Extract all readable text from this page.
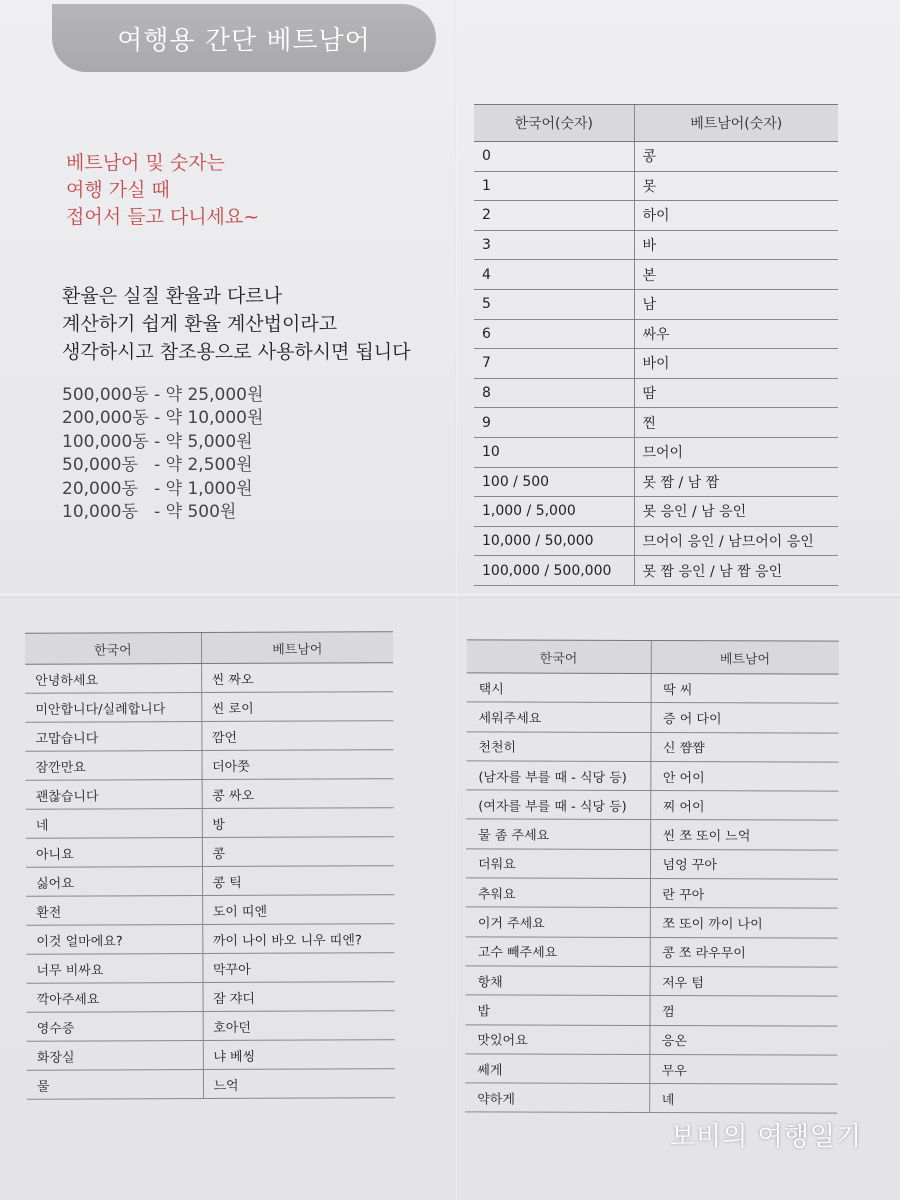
여행용 간단 베트남어
베트남어 및 숫자는
여행 가실 때
접어서 들고 다니세요~
환율은 실질 환율과 다르나
계산하기 쉽게 환율 계산법이라고
생각하시고 참조용으로 사용하시면 됩니다
500,000동 - 약 25,000원
200,000동 - 약 10,000원
100,000동 - 약 5,000원
50,000동   - 약 2,500원
20,000동   - 약 1,000원
10,000동   - 약 500원
한국어(숫자)	베트남어(숫자)
0	콩
1	못
2	하이
3	바
4	본
5	남
6	싸우
7	바이
8	땀
9	찐
10	므어이
100 / 500	못 짬 / 남 짬
1,000 / 5,000	못 응인 / 남 응인
10,000 / 50,000	므어이 응인 / 남므어이 응인
100,000 / 500,000	못 짬 응인 / 남 짬 응인
한국어	베트남어
안녕하세요	씬 짜오
미안합니다/실례합니다	씬 로이
고맙습니다	깜언
잠깐만요	더아쭛
괜찮습니다	콩 싸오
네	방
아니요	콩
싫어요	콩 틱
환전	도이 띠엔
이것 얼마에요?	까이 나이 바오 니우 띠엔?
너무 비싸요	막꾸아
깍아주세요	잠 쟈디
영수증	호아던
화장실	냐 베씽
물	느억
한국어	베트남어
택시	딱 씨
세워주세요	증 어 다이
천천히	신 쨤쨤
(남자를 부를 때 - 식당 등)	안 어이
(여자를 부를 때 - 식당 등)	찌 어이
물 좀 주세요	씬 쪼 또이 느억
더워요	넘엉 꾸아
추워요	란 꾸아
이거 주세요	쪼 또이 까이 나이
고수 빼주세요	콩 쪼 라우무이
항채	저우 텀
밥	껌
맛있어요	응온
쎄게	무우
약하게	녜
보비의 여행일기
